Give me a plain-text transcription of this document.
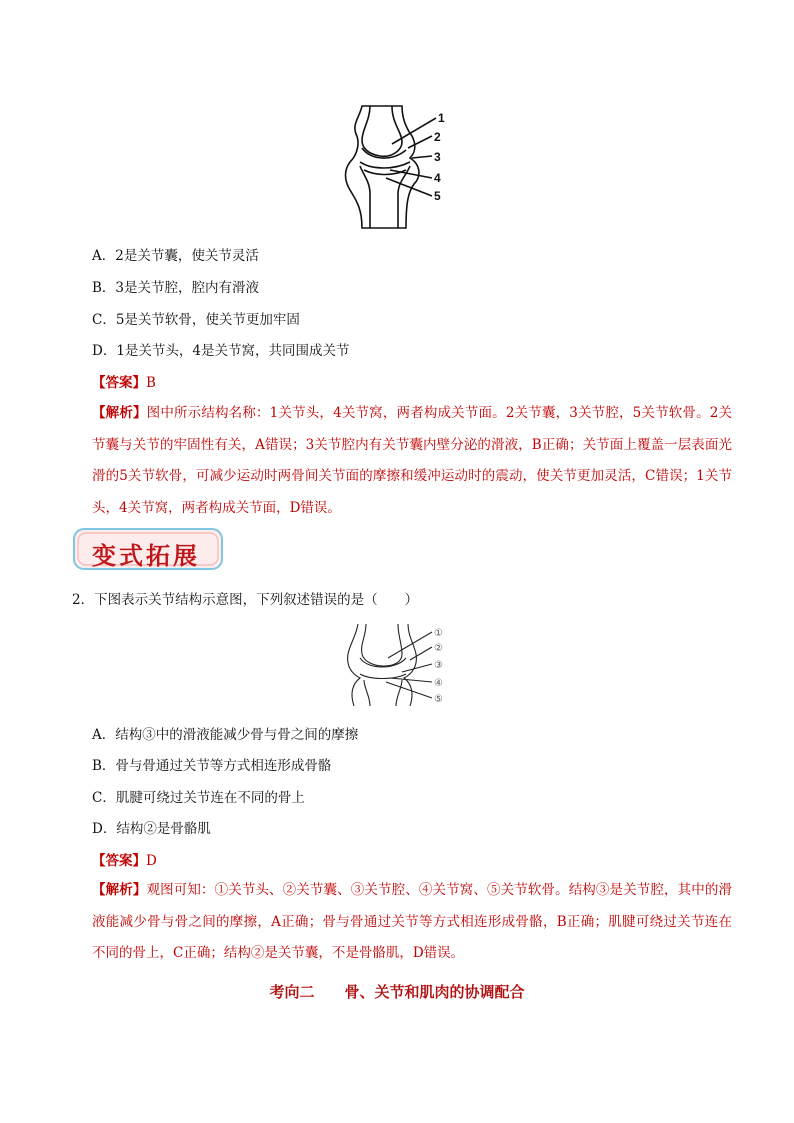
1
2
3
4
5
A．2是关节囊，使关节灵活
B．3是关节腔，腔内有滑液
C．5是关节软骨，使关节更加牢固
D．1是关节头，4是关节窝，共同围成关节
【答案】B
【解析】图中所示结构名称：1关节头，4关节窝，两者构成关节面。2关节囊，3关节腔，5关节软骨。2关节囊与关节的牢固性有关，A错误；3关节腔内有关节囊内壁分泌的滑液，B正确；关节面上覆盖一层表面光滑的5关节软骨，可减少运动时两骨间关节面的摩擦和缓冲运动时的震动，使关节更加灵活，C错误；1关节头，4关节窝，两者构成关节面，D错误。
变式拓展
2．下图表示关节结构示意图，下列叙述错误的是（　　）
①
②
③
④
⑤
A．结构③中的滑液能减少骨与骨之间的摩擦
B．骨与骨通过关节等方式相连形成骨骼
C．肌腱可绕过关节连在不同的骨上
D．结构②是骨骼肌
【答案】D
【解析】观图可知：①关节头、②关节囊、③关节腔、④关节窝、⑤关节软骨。结构③是关节腔，其中的滑液能减少骨与骨之间的摩擦，A正确；骨与骨通过关节等方式相连形成骨骼，B正确；肌腱可绕过关节连在不同的骨上，C正确；结构②是关节囊，不是骨骼肌，D错误。
考向二　　骨、关节和肌肉的协调配合
